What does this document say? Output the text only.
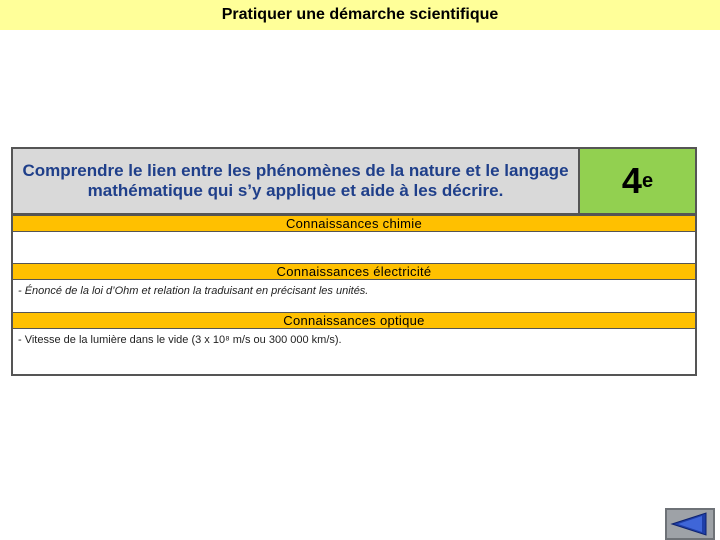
Pratiquer une démarche scientifique
Comprendre le lien entre les phénomènes de la nature et le langage mathématique qui s’y applique et aide à les décrire.	4 e
Connaissances chimie
Connaissances électricité
- Énoncé de la loi d’Ohm et relation la traduisant en précisant les unités.
Connaissances optique
- Vitesse de la lumière dans le vide (3 x 10⁸ m/s ou 300 000 km/s).
